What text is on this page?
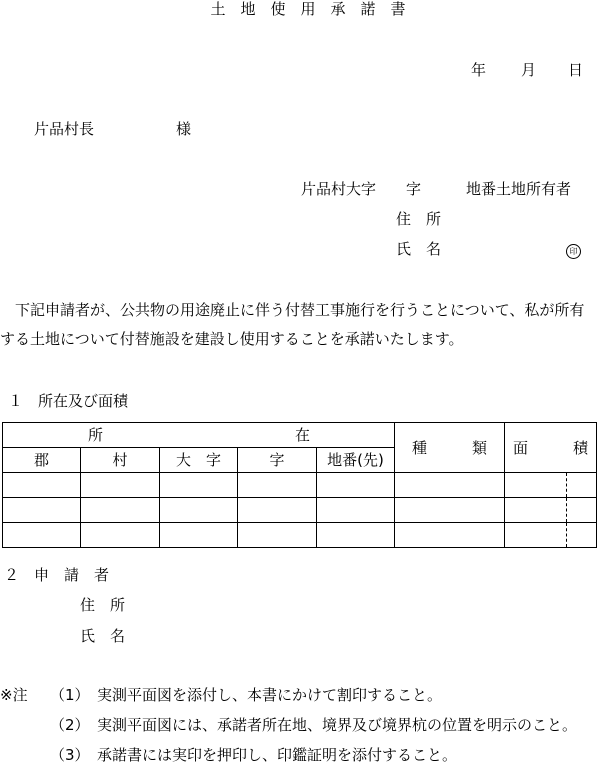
土　地　使　用　承　諾　書
年 月 日
片品村長	様
片品村大字　　字　　　地番土地所有者
住　所
氏　名	印
　下記申請者が、公共物の用途廃止に伴う付替工事施行を行うことについて、私が所有
する土地について付替施設を建設し使用することを承諾いたします。
１　所在及び面積
所 在					種　　　類	面　　　積
郡	村	大　字	字	地番(先)		

２　申　請　者
住　所
氏　名
※注 （1）　実測平面図を添付し、本書にかけて割印すること。
（2）　実測平面図には、承諾者所在地、境界及び境界杭の位置を明示のこと。
（3）　承諾書には実印を押印し、印鑑証明を添付すること。
